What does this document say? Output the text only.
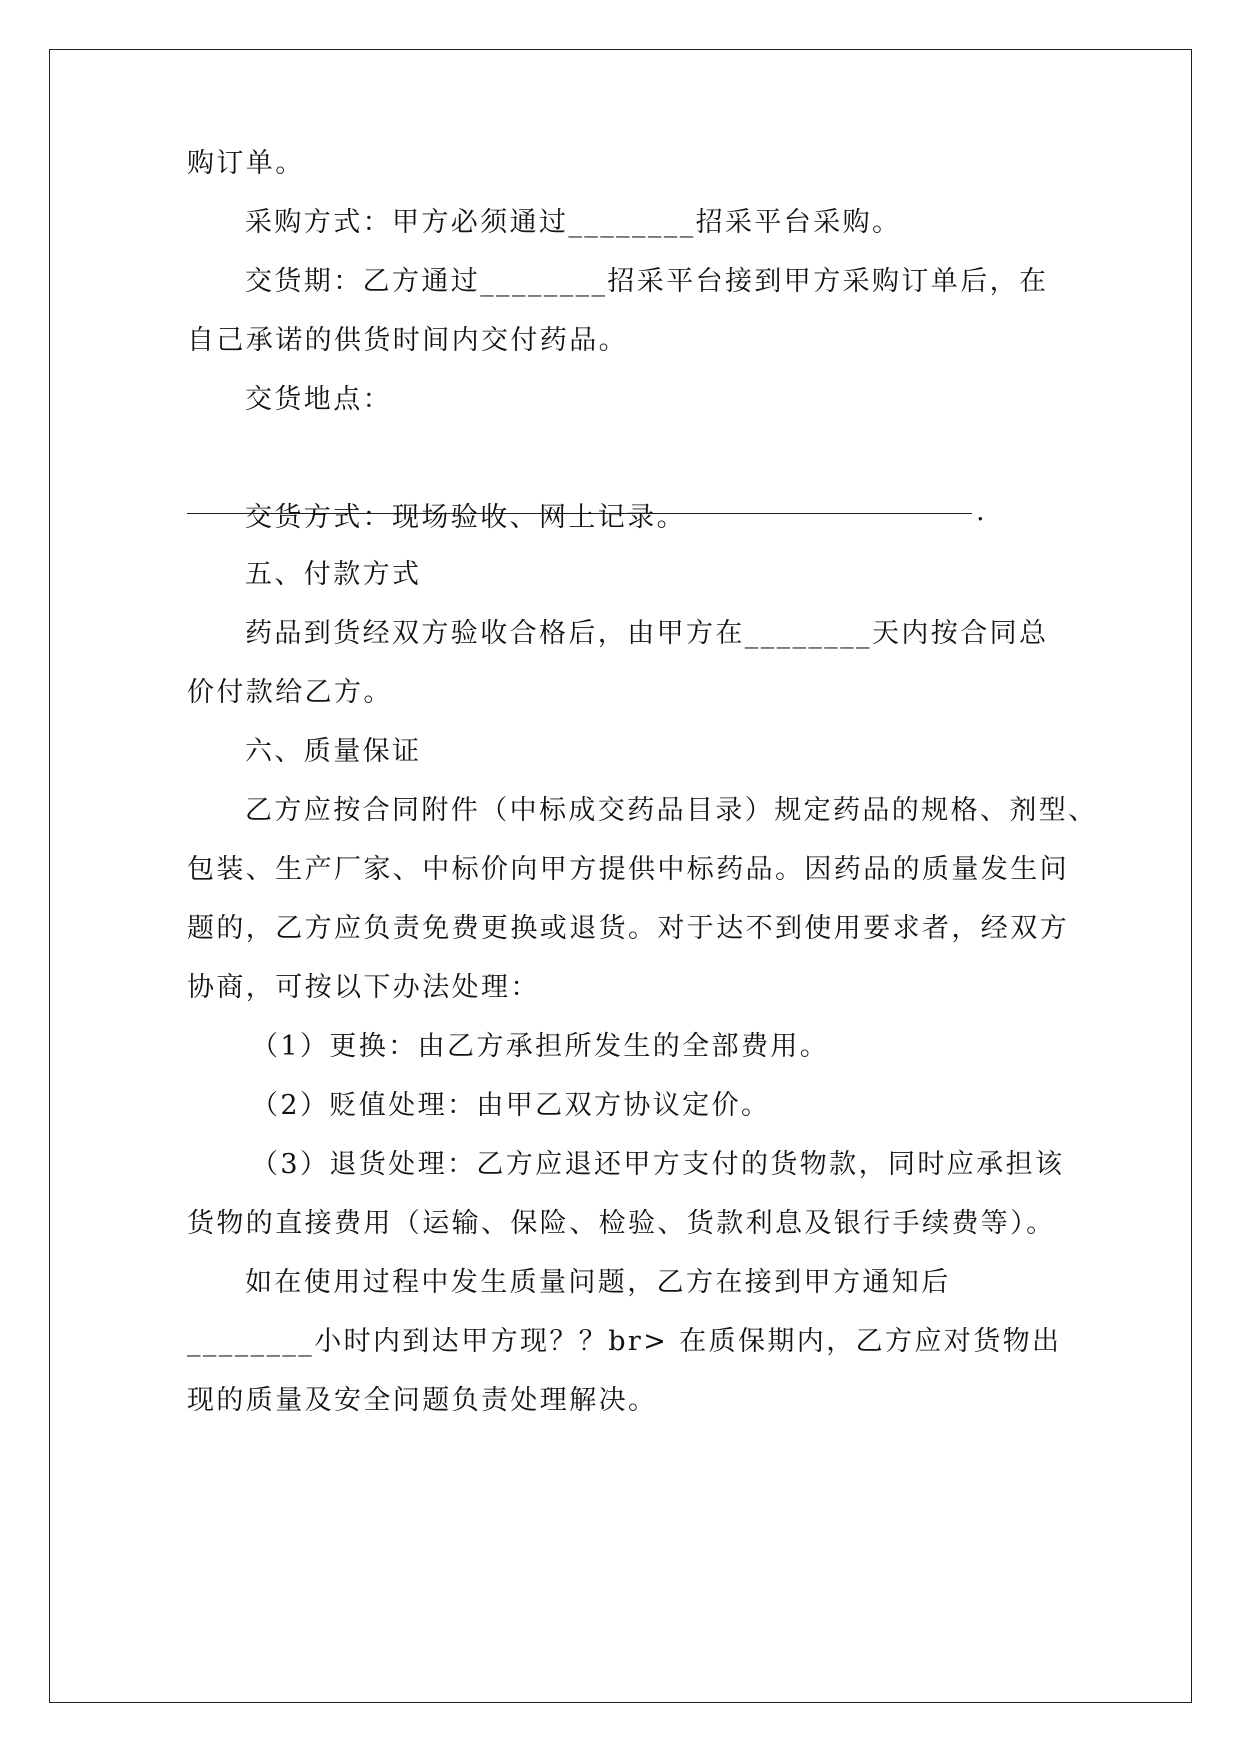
购订单。
采购方式：甲方必须通过________招采平台采购。
交货期：乙方通过________招采平台接到甲方采购订单后，在
自己承诺的供货时间内交付药品。
交货地点：
.
交货方式：现场验收、网上记录。
五、付款方式
药品到货经双方验收合格后，由甲方在________天内按合同总
价付款给乙方。
六、质量保证
乙方应按合同附件（中标成交药品目录）规定药品的规格、剂型、
包装、生产厂家、中标价向甲方提供中标药品。因药品的质量发生问
题的，乙方应负责免费更换或退货。对于达不到使用要求者，经双方
协商，可按以下办法处理：
（1）更换：由乙方承担所发生的全部费用。
（2）贬值处理：由甲乙双方协议定价。
（3）退货处理：乙方应退还甲方支付的货物款，同时应承担该
货物的直接费用（运输、保险、检验、货款利息及银行手续费等）。
如在使用过程中发生质量问题，乙方在接到甲方通知后
________小时内到达甲方现？？br> 在质保期内，乙方应对货物出
现的质量及安全问题负责处理解决。
